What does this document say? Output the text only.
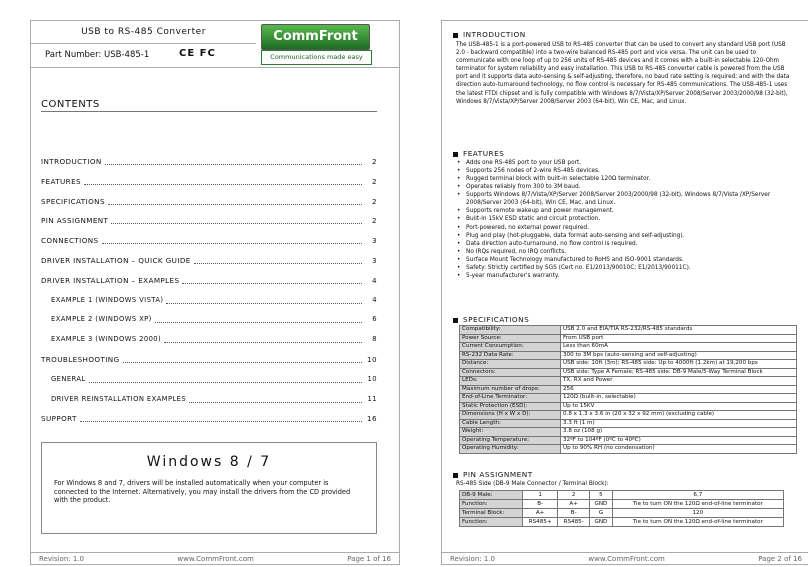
USB to RS-485 Converter
Part Number: USB-485-1	CE FC
CommFront
Communications made easy
CONTENTS
INTRODUCTION	2
FEATURES	2
SPECIFICATIONS	2
PIN ASSIGNMENT	2
CONNECTIONS	3
DRIVER INSTALLATION – QUICK GUIDE	3
DRIVER INSTALLATION – EXAMPLES	4
EXAMPLE 1 (WINDOWS VISTA)	4
EXAMPLE 2 (WINDOWS XP)	6
EXAMPLE 3 (WINDOWS 2000)	8
TROUBLESHOOTING	10
GENERAL	10
DRIVER REINSTALLATION EXAMPLES	11
SUPPORT	16
Windows 8 / 7
For Windows 8 and 7, drivers will be installed automatically when your computer is connected to the Internet. Alternatively, you may install the drivers from the CD provided with the product.
Revision: 1.0	www.CommFront.com	Page 1 of 16
INTRODUCTION
The USB-485-1 is a port-powered USB to RS-485 converter that can be used to convert any standard USB port (USB 2.0 - backward compatible) into a two-wire balanced RS-485 port and vice versa. The unit can be used to communicate with one loop of up to 256 units of RS-485 devices and it comes with a built-in selectable 120-Ohm terminator for system reliability and easy installation. This USB to RS-485 converter cable is powered from the USB port and it supports data auto-sensing & self-adjusting, therefore, no baud rate setting is required; and with the data direction auto-turnaround technology, no flow control is necessary for RS-485 communications. The USB-485-1 uses the latest FTDI chipset and is fully compatible with Windows 8/7/Vista/XP/Server 2008/Server 2003/2000/98 (32-bit), Windows 8/7/Vista/XP/Server 2008/Server 2003 (64-bit), Win CE, Mac, and Linux.
FEATURES
• Adds one RS-485 port to your USB port.
• Supports 256 nodes of 2-wire RS-485 devices.
• Rugged terminal block with built-in selectable 120Ω terminator.
• Operates reliably from 300 to 3M baud.
• Supports Windows 8/7/Vista/XP/Server 2008/Server 2003/2000/98 (32-bit), Windows 8/7/Vista /XP/Server 2008/Server 2003 (64-bit), Win CE, Mac, and Linux.
• Supports remote wakeup and power management.
• Built-in 15kV ESD static and circuit protection.
• Port-powered, no external power required.
• Plug and play (hot-pluggable, data format auto-sensing and self-adjusting).
• Data direction auto-turnaround, no flow control is required.
• No IRQs required, no IRQ conflicts.
• Surface Mount Technology manufactured to RoHS and ISO-9001 standards.
• Safety: Strictly certified by SGS (Cert no. E1/2013/90010C; E1/2013/90011C).
• 5-year manufacturer's warranty.
SPECIFICATIONS
Compatibility:	USB 2.0 and EIA/TIA RS-232/RS-485 standards
Power Source:	From USB port
Current Consumption:	Less than 60mA
RS-232 Data Rate:	300 to 3M bps (auto-sensing and self-adjusting)
Distance:	USB side: 10ft (3m); RS-485 side: Up to 4000ft (1.2km) at 19,200 bps
Connectors:	USB side: Type A Female; RS-485 side: DB-9 Male/5-Way Terminal Block
LEDs:	TX, RX and Power
Maximum number of drops:	256
End-of-Line Terminator:	120Ω (built-in, selectable)
Static Protection (ESD):	Up to 15KV
Dimensions (H x W x D):	0.8 x 1.3 x 3.6 in (20 x 32 x 92 mm) (excluding cable)
Cable Length:	3.3 ft (1 m)
Weight:	3.8 oz (108 g)
Operating Temperature:	32ºF to 104ºF (0ºC to 40ºC)
Operating Humidity:	Up to 90% RH (no condensation)
PIN ASSIGNMENT
RS-485 Side (DB-9 Male Connector / Terminal Block):
DB-9 Male:	1	2	5	6,7
Function:	B-	A+	GND	Tie to turn ON the 120Ω end-of-line terminator
Terminal Block:	A+	B-	G	120
Function:	RS485+	RS485-	GND	Tie to turn ON the 120Ω end-of-line terminator
Revision: 1.0	www.CommFront.com	Page 2 of 16
